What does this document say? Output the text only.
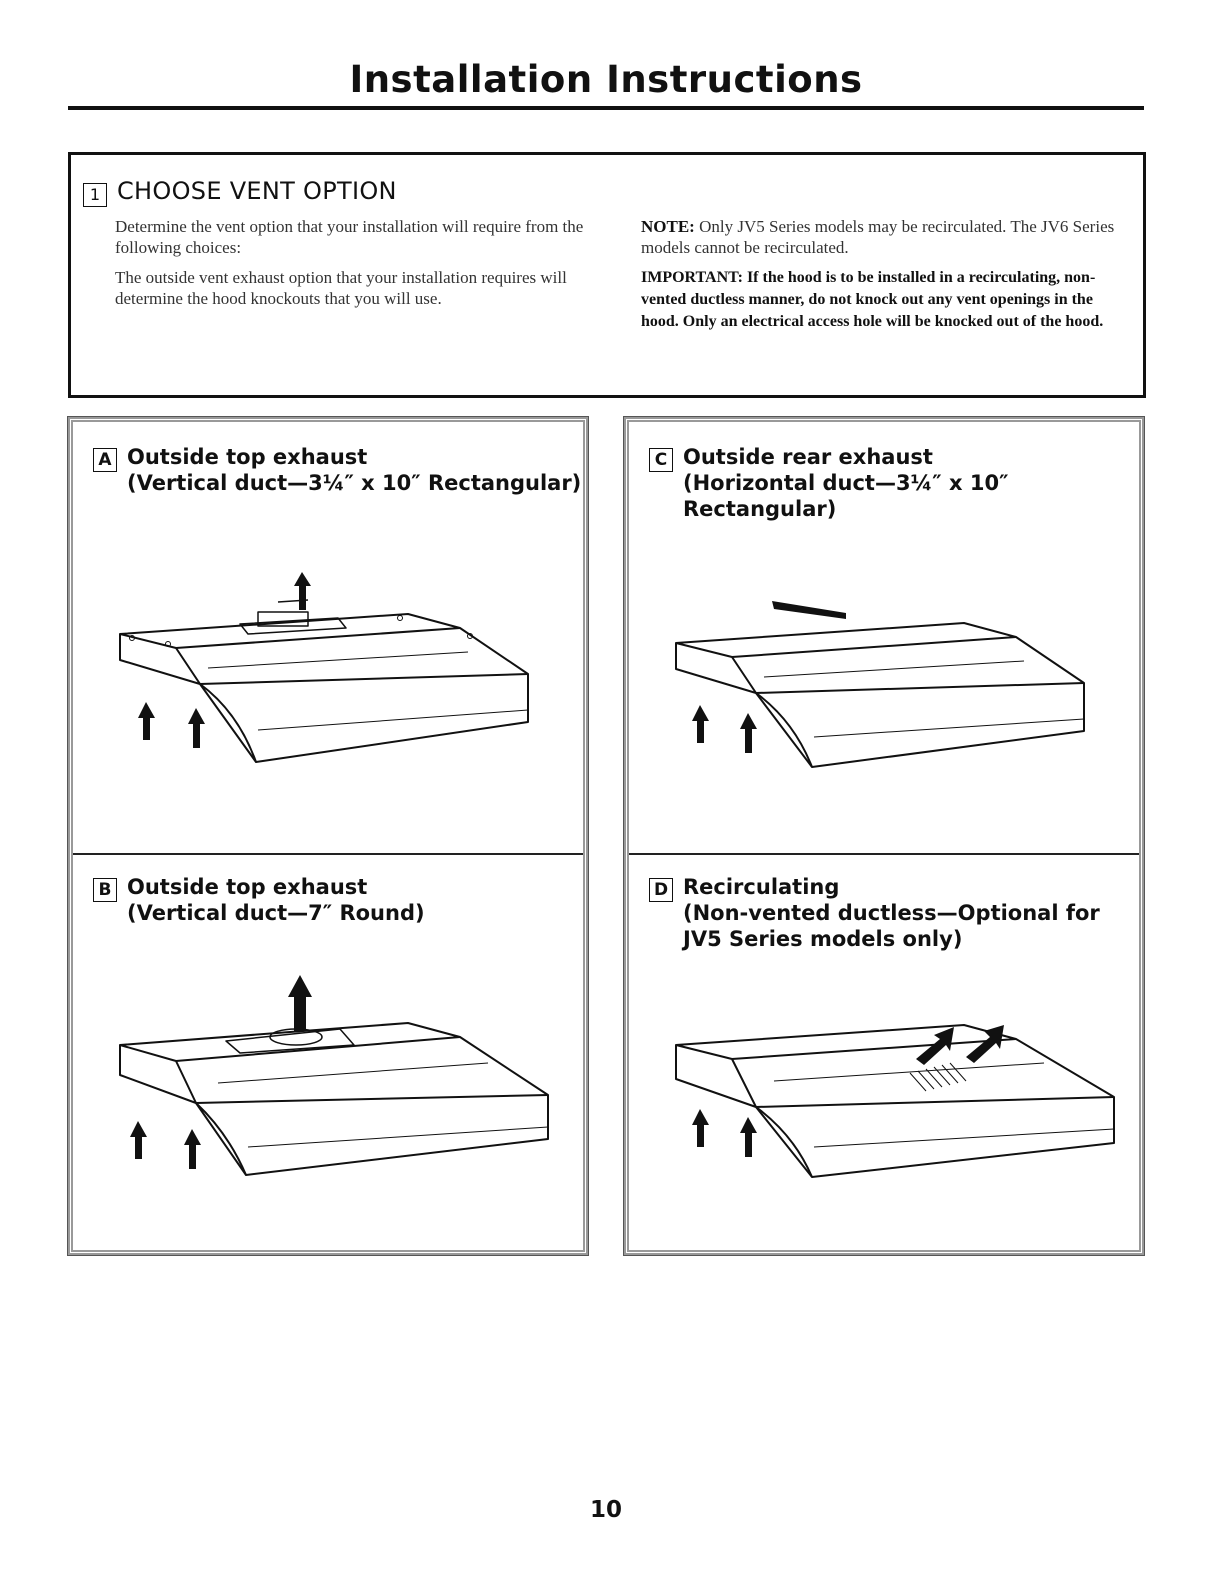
Installation Instructions
1 CHOOSE VENT OPTION

Determine the vent option that your installation will require from the following choices:

The outside vent exhaust option that your installation requires will determine the hood knockouts that you will use.

NOTE: Only JV5 Series models may be recirculated. The JV6 Series models cannot be recirculated.

IMPORTANT: If the hood is to be installed in a recirculating, non-vented ductless manner, do not knock out any vent openings in the hood. Only an electrical access hole will be knocked out of the hood.

A Outside top exhaust
(Vertical duct—3¼″ x 10″ Rectangular)
B Outside top exhaust
(Vertical duct—7″ Round)
C Outside rear exhaust
(Horizontal duct—3¼″ x 10″
Rectangular)
D Recirculating
(Non-vented ductless—Optional for
JV5 Series models only)
10
